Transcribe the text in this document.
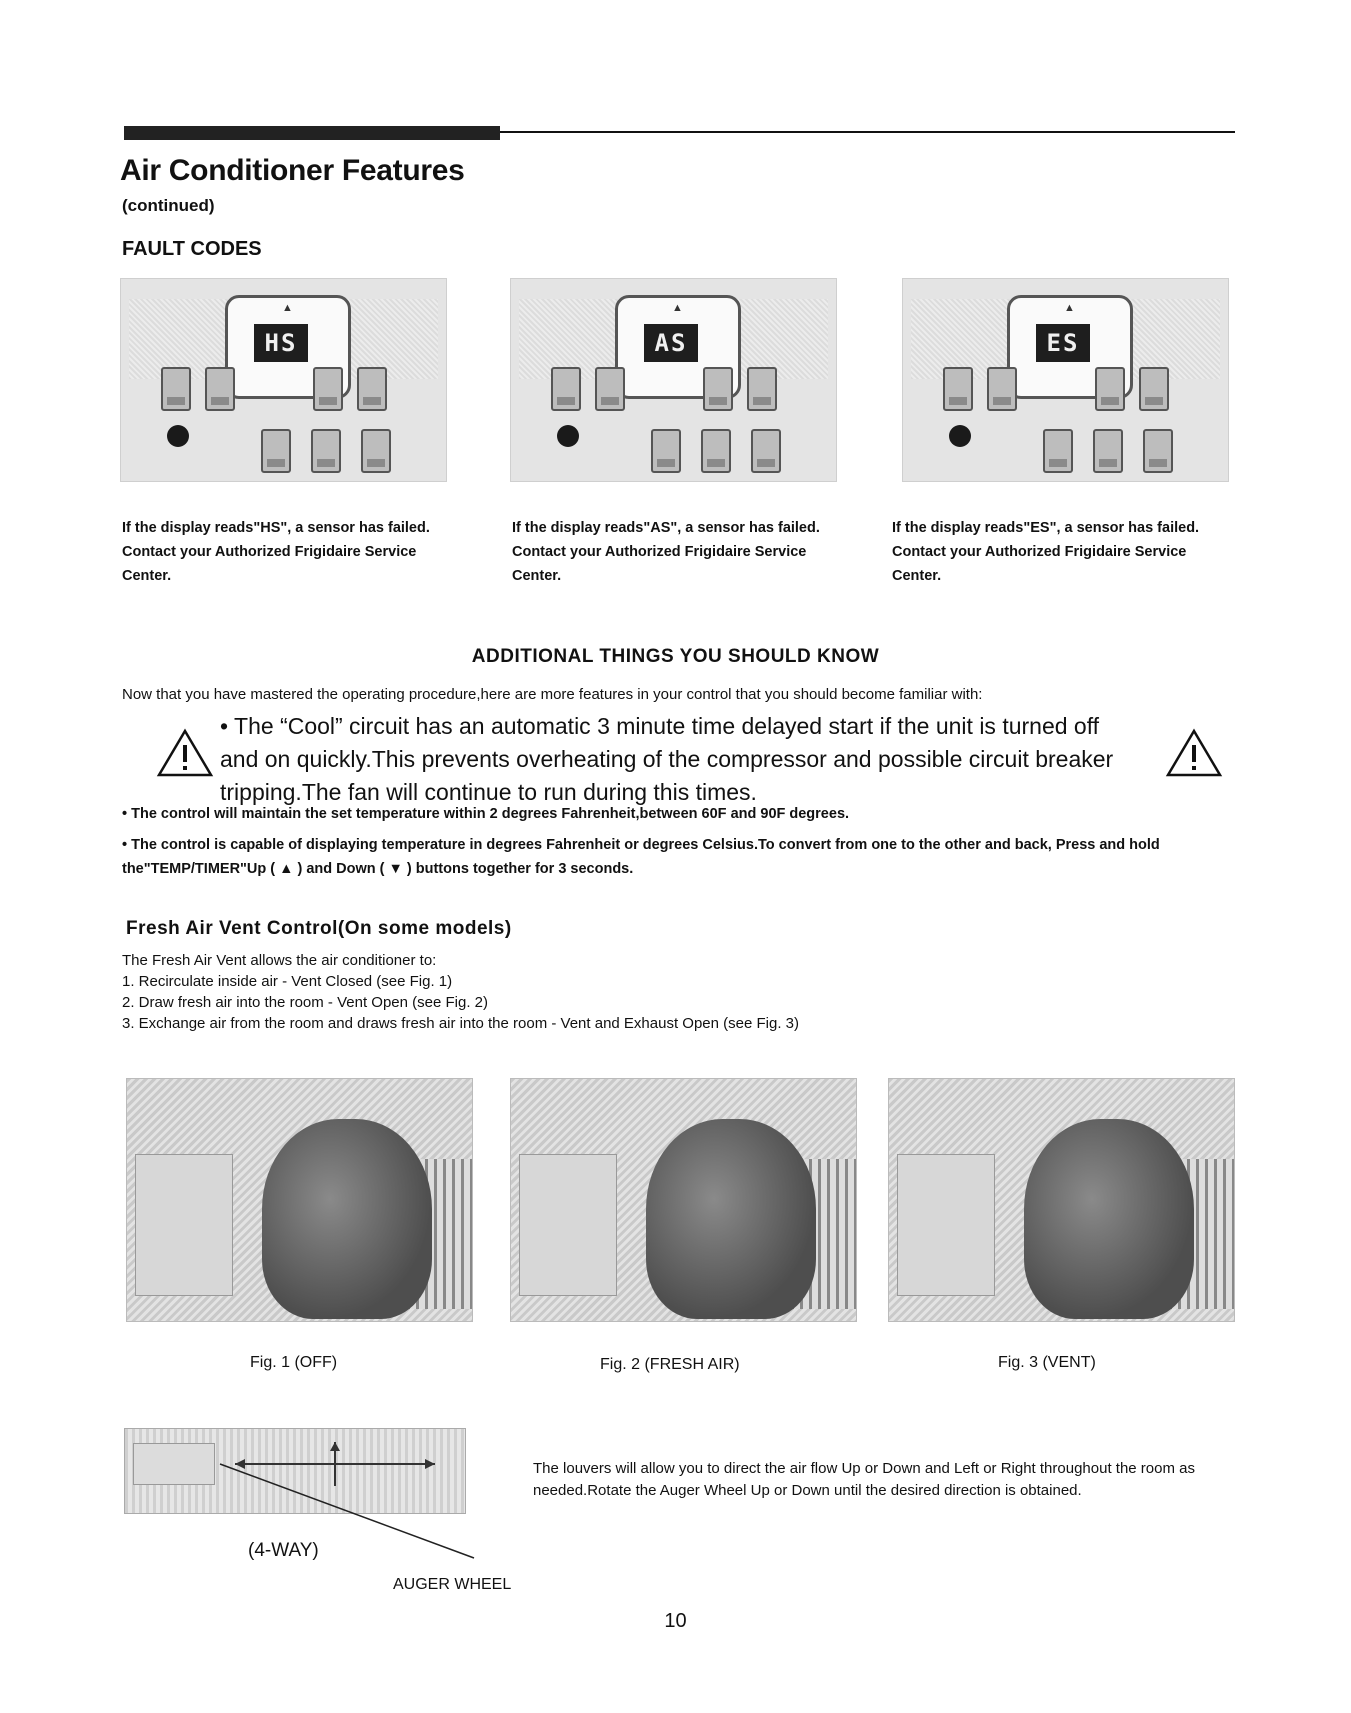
Air Conditioner Features
(continued)
FAULT CODES
▲
HS
▲
AS
▲
ES
If the display reads"HS", a sensor has failed. Contact your Authorized Frigidaire Service Center.
If the display reads"AS", a sensor has failed. Contact your Authorized Frigidaire Service Center.
If the display reads"ES", a sensor has failed. Contact your Authorized Frigidaire Service Center.
ADDITIONAL THINGS YOU SHOULD KNOW
Now that you have mastered the operating procedure,here are more features in your control that you should become familiar with:
• The “Cool” circuit has an automatic 3 minute time delayed start if the unit is turned off and on quickly.This prevents overheating of the compressor and possible circuit breaker tripping.The fan will continue to run during this times.
• The control will maintain the set temperature within 2 degrees Fahrenheit,between 60F and 90F degrees.
• The control is capable of displaying temperature in degrees Fahrenheit or degrees Celsius.To convert from one to the other and back, Press and hold the"TEMP/TIMER"Up ( ▲ ) and Down ( ▼ ) buttons together for 3 seconds.
Fresh Air Vent Control(On some models)
The Fresh Air Vent allows the air conditioner to:
1. Recirculate inside air - Vent Closed (see Fig. 1)
2. Draw fresh air into the room - Vent Open (see Fig. 2)
3. Exchange air from the room and draws fresh air into the room - Vent and Exhaust Open (see Fig. 3)
Fig. 1 (OFF)	Fig. 2 (FRESH AIR)	Fig. 3 (VENT)
The louvers will allow you to direct the air flow Up or Down and Left or Right throughout the room as needed.Rotate the Auger Wheel Up or Down until the desired direction is obtained.
(4-WAY)
AUGER WHEEL
10
